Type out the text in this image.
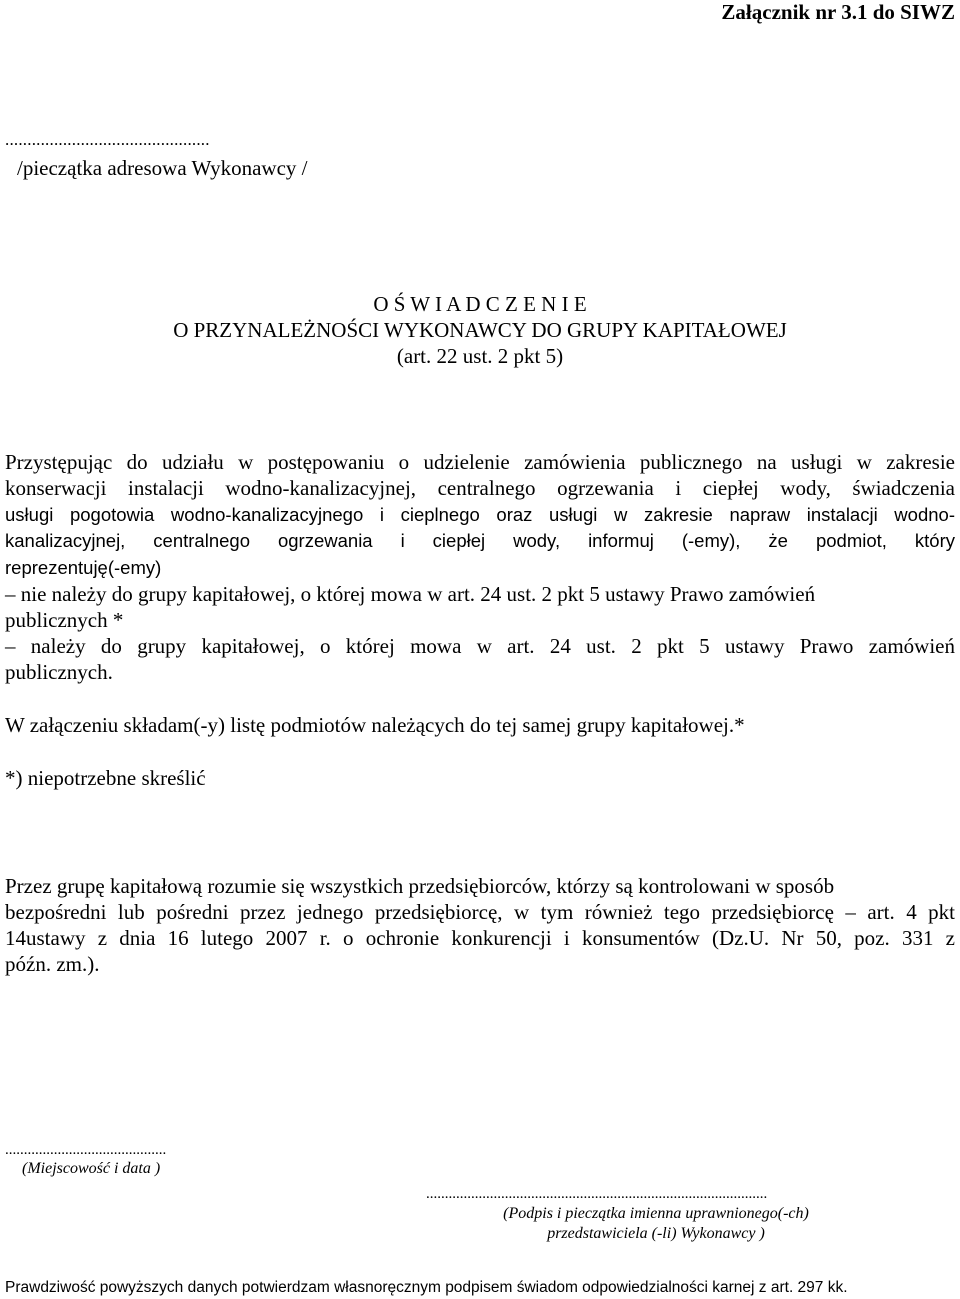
Załącznik nr 3.1 do SIWZ
..............................................
/pieczątka adresowa Wykonawcy /
O Ś W I A D C Z E N I E
O PRZYNALEŻNOŚCI WYKONAWCY DO GRUPY KAPITAŁOWEJ
(art. 22 ust. 2 pkt 5)
Przystępując do udziału w postępowaniu o udzielenie zamówienia publicznego na usługi w zakresie
konserwacji instalacji wodno-kanalizacyjnej, centralnego ogrzewania i ciepłej wody, świadczenia
usługi pogotowia wodno-kanalizacyjnego i cieplnego oraz usługi w zakresie napraw instalacji wodno-
kanalizacyjnej, centralnego ogrzewania i ciepłej wody, informuj (-emy), że podmiot, który
reprezentuję(-emy)
– nie należy do grupy kapitałowej, o której mowa w art. 24 ust. 2 pkt 5 ustawy Prawo zamówień
publicznych *
– należy do grupy kapitałowej, o której mowa w art. 24 ust. 2 pkt 5 ustawy Prawo zamówień
publicznych.
W załączeniu składam(-y) listę podmiotów należących do tej samej grupy kapitałowej.*
*) niepotrzebne skreślić
Przez grupę kapitałową rozumie się wszystkich przedsiębiorców, którzy są kontrolowani w sposób
bezpośredni lub pośredni przez jednego przedsiębiorcę, w tym również tego przedsiębiorcę – art. 4 pkt
14ustawy z dnia 16 lutego 2007 r. o ochronie konkurencji i konsumentów (Dz.U. Nr 50, poz. 331 z
późn. zm.).
...........................................
(Miejscowość i data )
...........................................................................................
(Podpis i pieczątka imienna uprawnionego(-ch)
przedstawiciela (-li) Wykonawcy )
Prawdziwość powyższych danych potwierdzam własnoręcznym podpisem świadom odpowiedzialności karnej z art. 297 kk.
